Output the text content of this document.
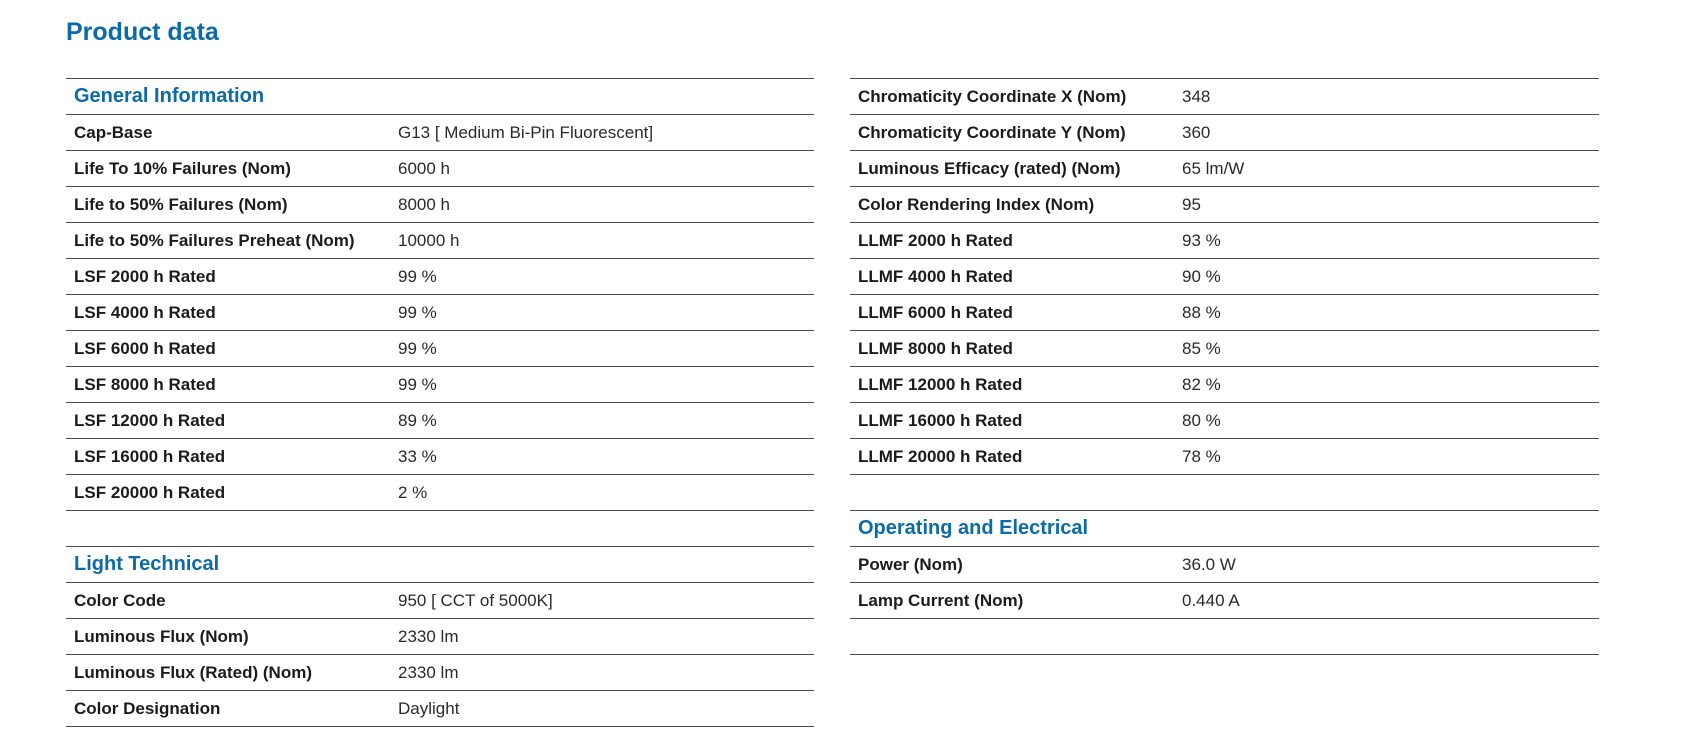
Product data
General Information
Cap-Base	G13 [ Medium Bi-Pin Fluorescent]
Life To 10% Failures (Nom)	6000 h
Life to 50% Failures (Nom)	8000 h
Life to 50% Failures Preheat (Nom)	10000 h
LSF 2000 h Rated	99 %
LSF 4000 h Rated	99 %
LSF 6000 h Rated	99 %
LSF 8000 h Rated	99 %
LSF 12000 h Rated	89 %
LSF 16000 h Rated	33 %
LSF 20000 h Rated	2 %
Light Technical
Color Code	950 [ CCT of 5000K]
Luminous Flux (Nom)	2330 lm
Luminous Flux (Rated) (Nom)	2330 lm
Color Designation	Daylight
Chromaticity Coordinate X (Nom)	348
Chromaticity Coordinate Y (Nom)	360
Luminous Efficacy (rated) (Nom)	65 lm/W
Color Rendering Index (Nom)	95
LLMF 2000 h Rated	93 %
LLMF 4000 h Rated	90 %
LLMF 6000 h Rated	88 %
LLMF 8000 h Rated	85 %
LLMF 12000 h Rated	82 %
LLMF 16000 h Rated	80 %
LLMF 20000 h Rated	78 %
Operating and Electrical
Power (Nom)	36.0 W
Lamp Current (Nom)	0.440 A
